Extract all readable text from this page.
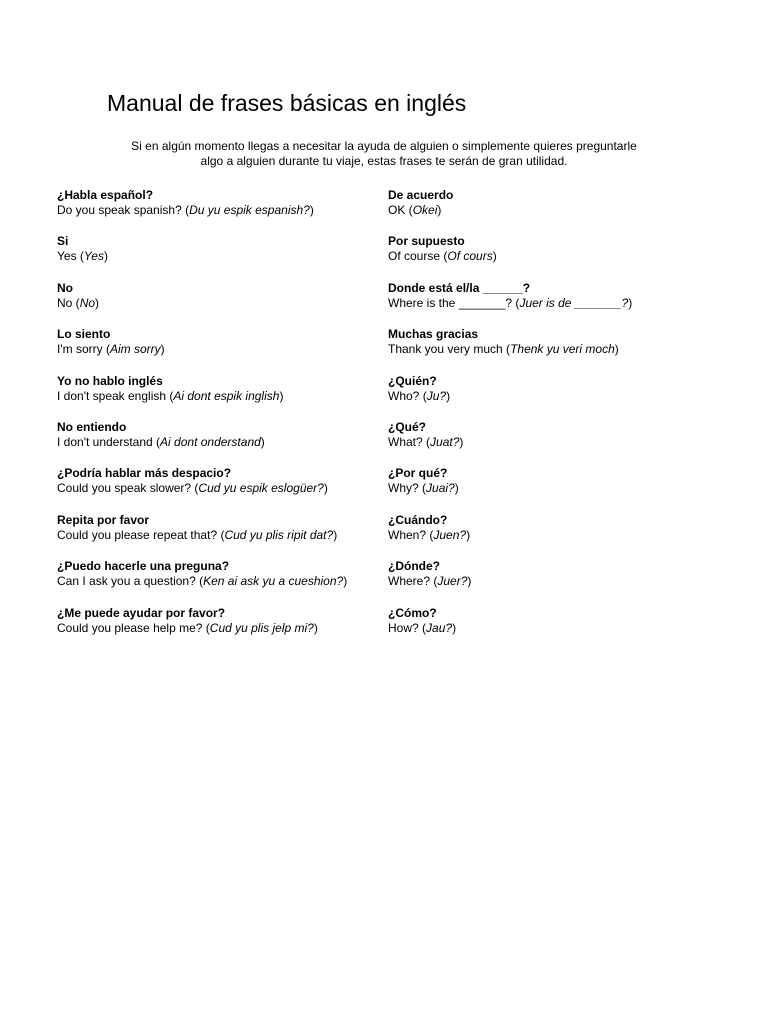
Manual de frases básicas en inglés
Si en algún momento llegas a necesitar la ayuda de alguien o simplemente quieres preguntarle
algo a alguien durante tu viaje, estas frases te serán de gran utilidad.
¿Habla español?
Do you speak spanish? (Du yu espik espanish?)
Si
Yes (Yes)
No
No (No)
Lo siento
I'm sorry (Aim sorry)
Yo no hablo inglés
I don't speak english (Ai dont espik inglish)
No entiendo
I don't understand (Ai dont onderstand)
¿Podría hablar más despacio?
Could you speak slower? (Cud yu espik eslogüer?)
Repita por favor
Could you please repeat that? (Cud yu plis ripit dat?)
¿Puedo hacerle una preguna?
Can I ask you a question? (Ken ai ask yu a cueshion?)
¿Me puede ayudar por favor?
Could you please help me? (Cud yu plis jelp mi?)
De acuerdo
OK (Okei)
Por supuesto
Of course (Of cours)
Donde está el/la ______?
Where is the _______? (Juer is de _______?)
Muchas gracias
Thank you very much (Thenk yu veri moch)
¿Quién?
Who? (Ju?)
¿Qué?
What? (Juat?)
¿Por qué?
Why? (Juai?)
¿Cuándo?
When? (Juen?)
¿Dónde?
Where? (Juer?)
¿Cómo?
How? (Jau?)
